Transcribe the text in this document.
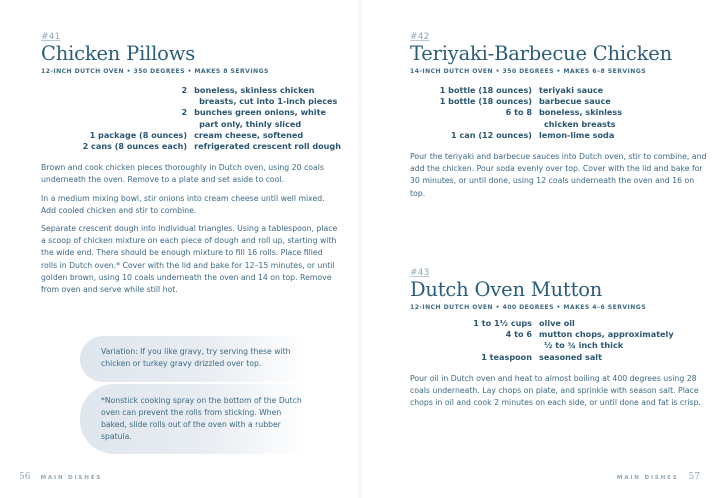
#41
Chicken Pillows
12-INCH DUTCH OVEN • 350 DEGREES • MAKES 8 SERVINGS
2	boneless, skinless chicken
breasts, cut into 1-inch pieces

2	bunches green onions, white
part only, thinly sliced

1 package (8 ounces)	cream cheese, softened
2 cans (8 ounces each)	refrigerated crescent roll dough

Brown and cook chicken pieces thoroughly in Dutch oven, using 20 coals underneath the oven. Remove to a plate and set aside to cool.

In a medium mixing bowl, stir onions into cream cheese until well mixed. Add cooled chicken and stir to combine.

Separate crescent dough into individual triangles. Using a tablespoon, place a scoop of chicken mixture on each piece of dough and roll up, starting with the wide end. There should be enough mixture to fill 16 rolls. Place filled rolls in Dutch oven.* Cover with the lid and bake for 12–15 minutes, or until golden brown, using 10 coals underneath the oven and 14 on top. Remove from oven and serve while still hot.

Variation: If you like gravy, try serving these with chicken or turkey gravy drizzled over top.

*Nonstick cooking spray on the bottom of the Dutch oven can prevent the rolls from sticking. When baked, slide rolls out of the oven with a rubber spatula.

56 MAIN DISHES
#42
Teriyaki-Barbecue Chicken
14-INCH DUTCH OVEN • 350 DEGREES • MAKES 6–8 SERVINGS
1 bottle (18 ounces)	teriyaki sauce
1 bottle (18 ounces)	barbecue sauce
6 to 8	boneless, skinless
chicken breasts

1 can (12 ounces)	lemon-lime soda

Pour the teriyaki and barbecue sauces into Dutch oven, stir to combine, and add the chicken. Pour soda evenly over top. Cover with the lid and bake for 30 minutes, or until done, using 12 coals underneath the oven and 16 on top.

#43
Dutch Oven Mutton
12-INCH DUTCH OVEN • 400 DEGREES • MAKES 4–6 SERVINGS
1 to 1½ cups	olive oil
4 to 6	mutton chops, approximately
½ to ¾ inch thick

1 teaspoon	seasoned salt

Pour oil in Dutch oven and heat to almost boiling at 400 degrees using 28 coals underneath. Lay chops on plate, and sprinkle with season salt. Place chops in oil and cook 2 minutes on each side, or until done and fat is crisp.

MAIN DISHES 57
